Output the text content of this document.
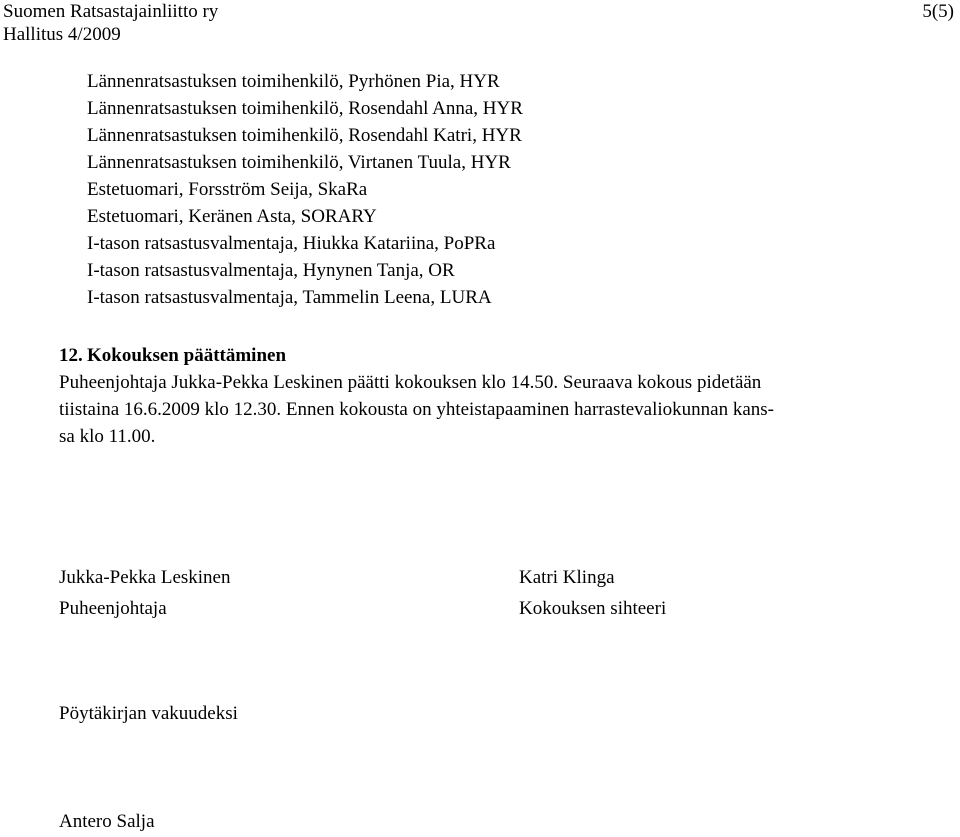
Suomen Ratsastajainliitto ry
Hallitus 4/2009
5(5)
Lännenratsastuksen toimihenkilö, Pyrhönen Pia, HYR
Lännenratsastuksen toimihenkilö, Rosendahl Anna, HYR
Lännenratsastuksen toimihenkilö, Rosendahl Katri, HYR
Lännenratsastuksen toimihenkilö, Virtanen Tuula, HYR
Estetuomari, Forsström Seija, SkaRa
Estetuomari, Keränen Asta, SORARY
I-tason ratsastusvalmentaja, Hiukka Katariina, PoPRa
I-tason ratsastusvalmentaja, Hynynen Tanja, OR
I-tason ratsastusvalmentaja, Tammelin Leena, LURA
12. Kokouksen päättäminen
Puheenjohtaja Jukka-Pekka Leskinen päätti kokouksen klo 14.50. Seuraava kokous pidetään
tiistaina 16.6.2009 klo 12.30. Ennen kokousta on yhteistapaaminen harrastevaliokunnan kans-
sa klo 11.00.
Jukka-Pekka Leskinen
Puheenjohtaja
Katri Klinga
Kokouksen sihteeri
Pöytäkirjan vakuudeksi
Antero Salja
